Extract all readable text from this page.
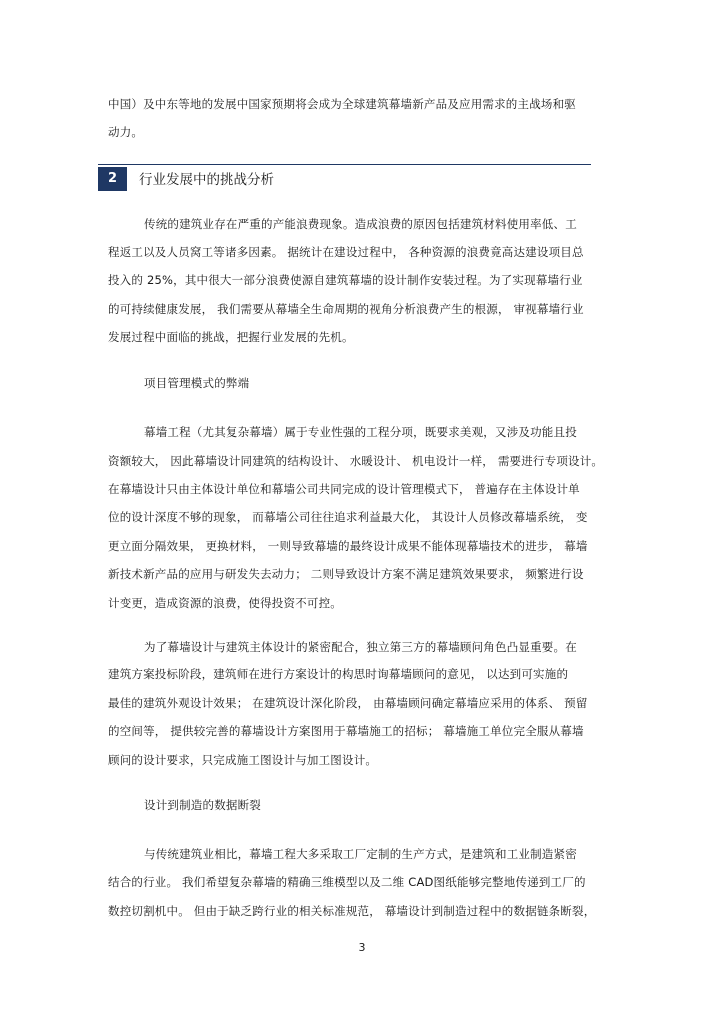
中国）及中东等地的发展中国家预期将会成为全球建筑幕墙新产品及应用需求的主战场和驱
动力。
2	行业发展中的挑战分析
传统的建筑业存在严重的产能浪费现象。造成浪费的原因包括建筑材料使用率低、工
程返工以及人员窝工等诸多因素。 据统计在建设过程中， 各种资源的浪费竟高达建设项目总
投入的 25%，其中很大一部分浪费使源自建筑幕墙的设计制作安装过程。为了实现幕墙行业
的可持续健康发展， 我们需要从幕墙全生命周期的视角分析浪费产生的根源， 审视幕墙行业
发展过程中面临的挑战，把握行业发展的先机。
项目管理模式的弊端
幕墙工程（尤其复杂幕墙）属于专业性强的工程分项，既要求美观，又涉及功能且投
资额较大， 因此幕墙设计同建筑的结构设计、 水暖设计、 机电设计一样， 需要进行专项设计。
在幕墙设计只由主体设计单位和幕墙公司共同完成的设计管理模式下， 普遍存在主体设计单
位的设计深度不够的现象， 而幕墙公司往往追求利益最大化， 其设计人员修改幕墙系统， 变
更立面分隔效果， 更换材料， 一则导致幕墙的最终设计成果不能体现幕墙技术的进步， 幕墙
新技术新产品的应用与研发失去动力； 二则导致设计方案不满足建筑效果要求， 频繁进行设
计变更，造成资源的浪费，使得投资不可控。
为了幕墙设计与建筑主体设计的紧密配合，独立第三方的幕墙顾问角色凸显重要。在
建筑方案投标阶段，建筑师在进行方案设计的构思时询幕墙顾问的意见， 以达到可实施的
最佳的建筑外观设计效果； 在建筑设计深化阶段， 由幕墙顾问确定幕墙应采用的体系、 预留
的空间等， 提供较完善的幕墙设计方案图用于幕墙施工的招标； 幕墙施工单位完全服从幕墙
顾问的设计要求，只完成施工图设计与加工图设计。
设计到制造的数据断裂
与传统建筑业相比，幕墙工程大多采取工厂定制的生产方式，是建筑和工业制造紧密
结合的行业。 我们希望复杂幕墙的精确三维模型以及二维 CAD图纸能够完整地传递到工厂的
数控切割机中。 但由于缺乏跨行业的相关标准规范， 幕墙设计到制造过程中的数据链条断裂，
3
